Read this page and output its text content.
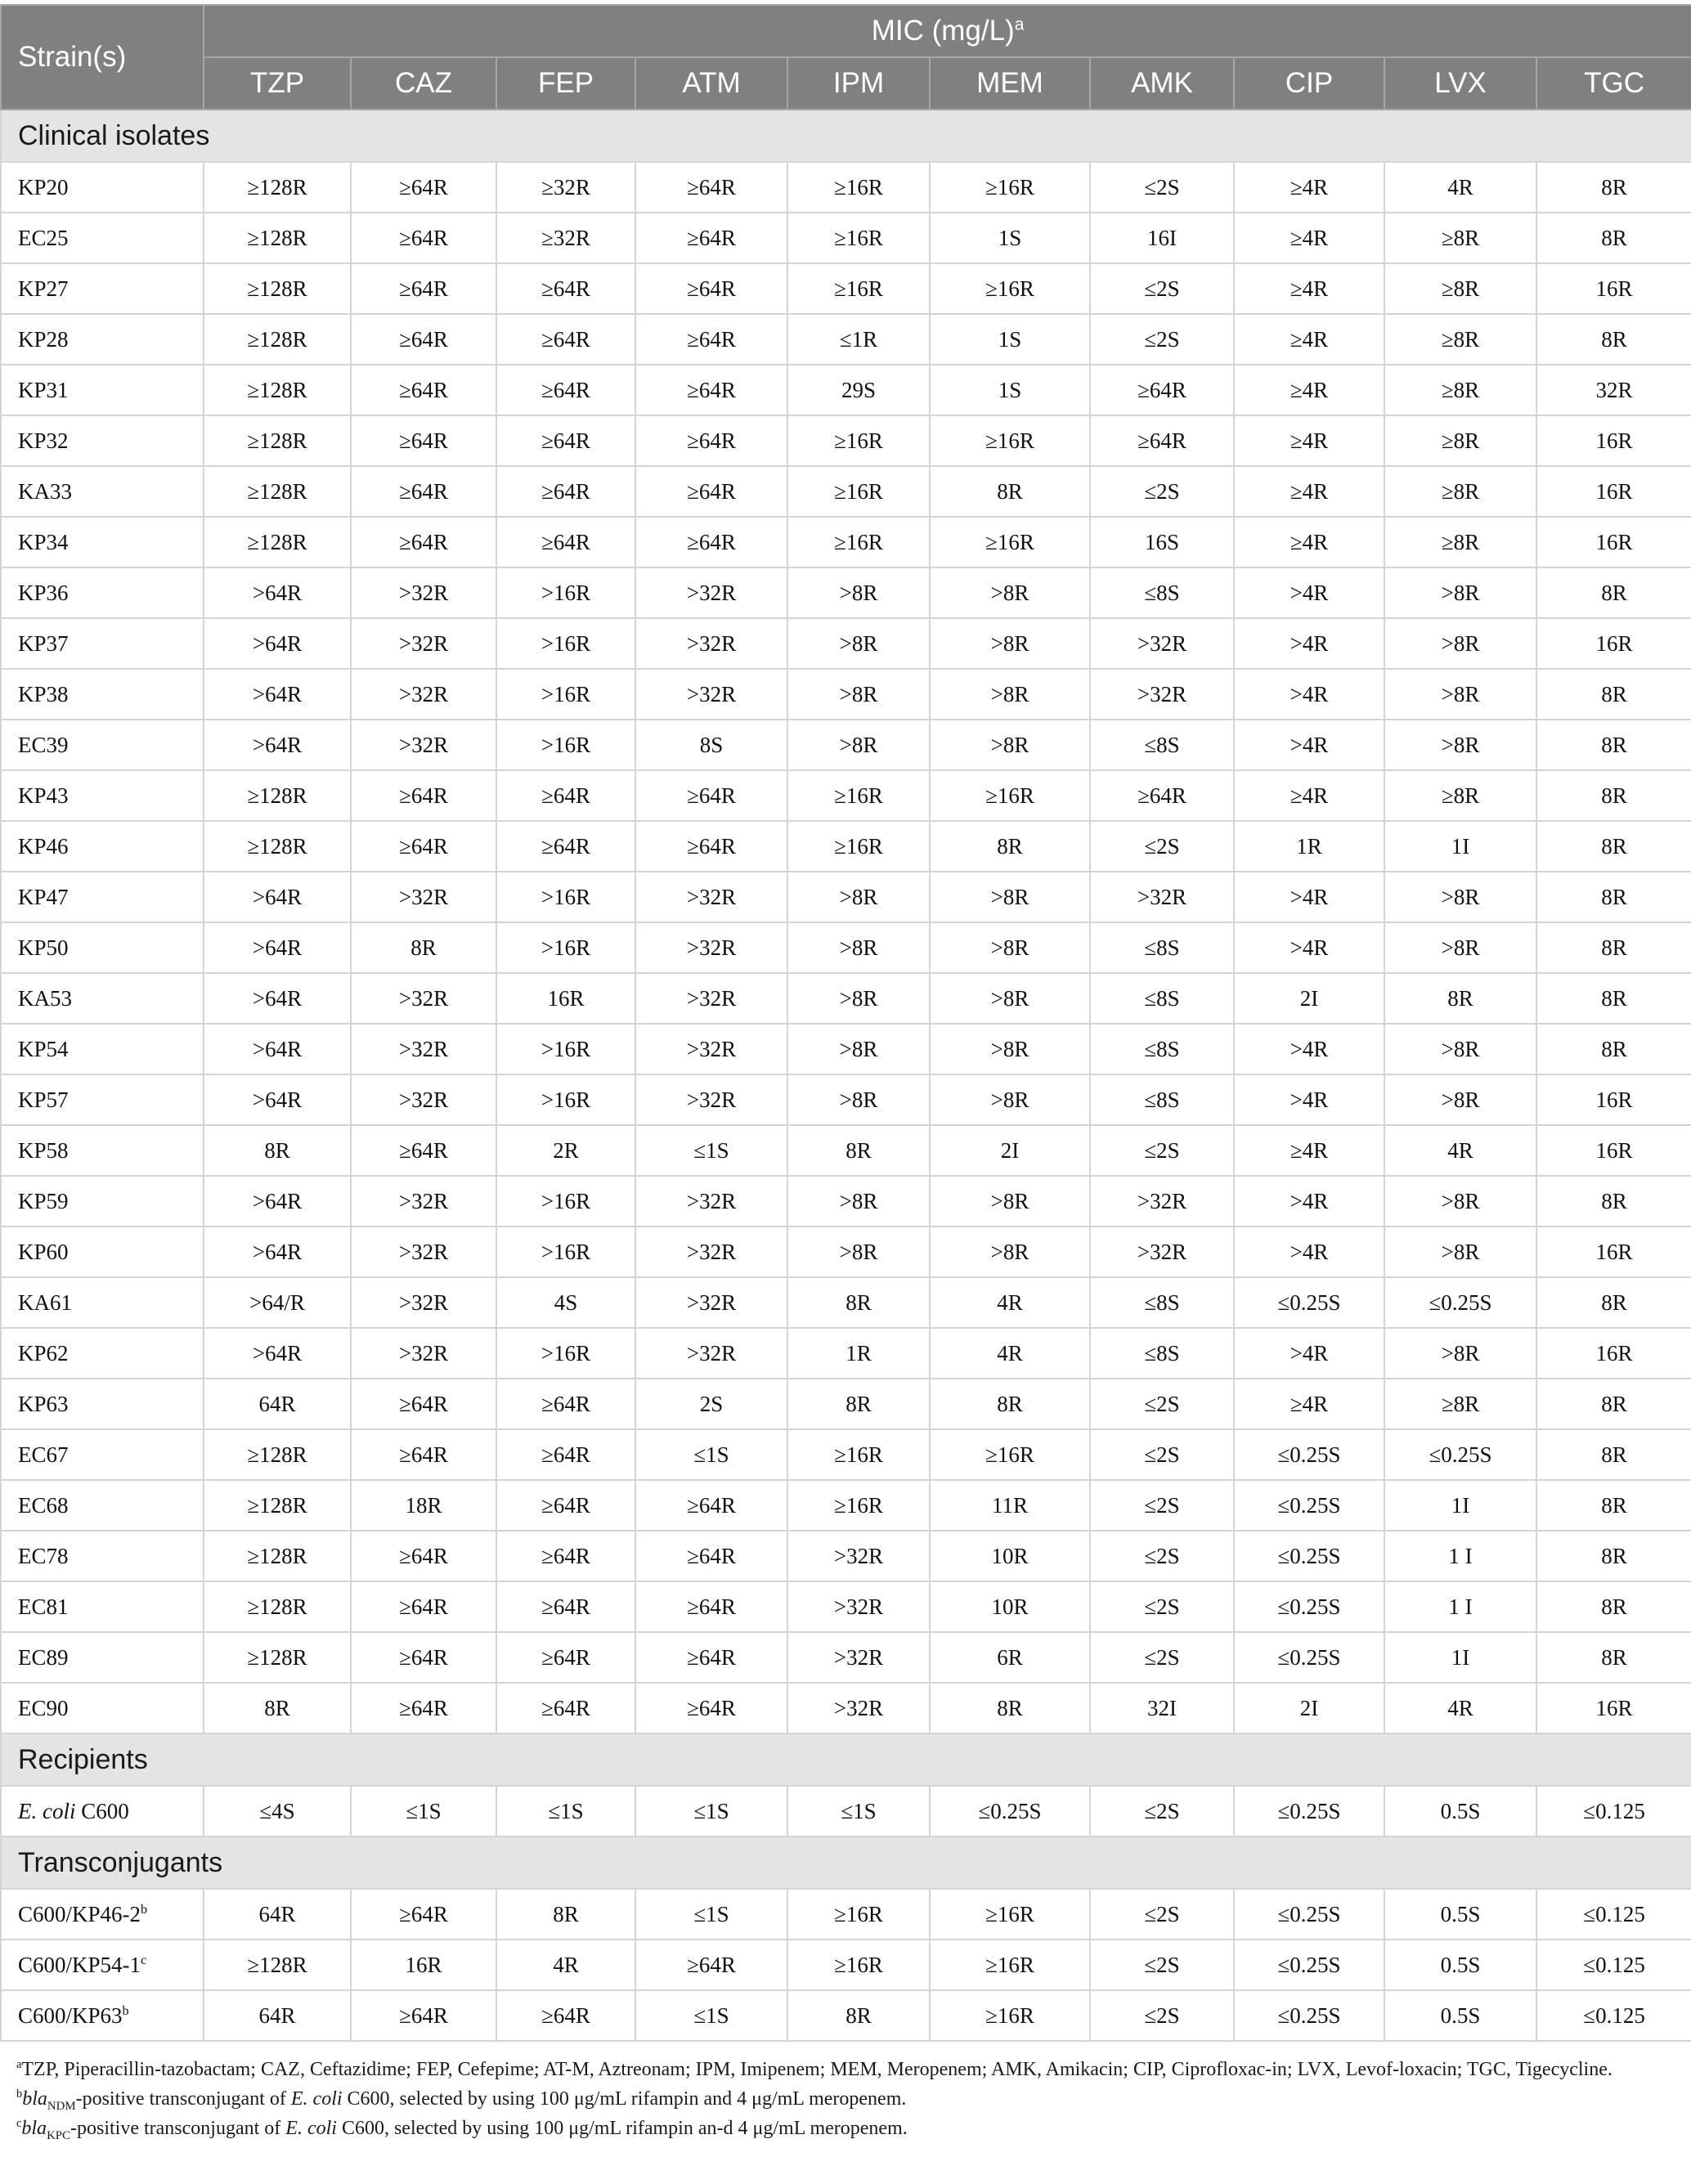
Strain(s)	MIC $(mg/L)^a$
	TZP	CAZ	FEP	ATM	IPM	MEM	AMK	CIP	LVX	TGC
Clinical isolates										
KP20	≥128R	≥64R	≥32R	≥64R	≥16R	≥16R	≤2S	≥4R	4R	8R
EC25	≥128R	≥64R	≥32R	≥64R	≥16R	1S	16I	≥4R	≥8R	8R
KP27	≥128R	≥64R	≥64R	≥64R	≥16R	≥16R	≤2S	≥4R	≥8R	16R
KP28	≥128R	≥64R	≥64R	≥64R	≤1R	1S	≤2S	≥4R	≥8R	8R
KP31	≥128R	≥64R	≥64R	≥64R	29S	1S	≥64R	≥4R	≥8R	32R
KP32	≥128R	≥64R	≥64R	≥64R	≥16R	≥16R	≥64R	≥4R	≥8R	16R
KA33	≥128R	≥64R	≥64R	≥64R	≥16R	8R	≤2S	≥4R	≥8R	16R
KP34	≥128R	≥64R	≥64R	≥64R	≥16R	≥16R	16S	≥4R	≥8R	16R
KP36	>64R	>32R	>16R	>32R	>8R	>8R	≤8S	>4R	>8R	8R
KP37	>64R	>32R	>16R	>32R	>8R	>8R	>32R	>4R	>8R	16R
KP38	>64R	>32R	>16R	>32R	>8R	>8R	>32R	>4R	>8R	8R
EC39	>64R	>32R	>16R	8S	>8R	>8R	≤8S	>4R	>8R	8R
KP43	≥128R	≥64R	≥64R	≥64R	≥16R	≥16R	≥64R	≥4R	≥8R	8R
KP46	≥128R	≥64R	≥64R	≥64R	≥16R	8R	≤2S	1R	1I	8R
KP47	>64R	>32R	>16R	>32R	>8R	>8R	>32R	>4R	>8R	8R
KP50	>64R	8R	>16R	>32R	>8R	>8R	≤8S	>4R	>8R	8R
KA53	>64R	>32R	16R	>32R	>8R	>8R	≤8S	2I	8R	8R
KP54	>64R	>32R	>16R	>32R	>8R	>8R	≤8S	>4R	>8R	8R
KP57	>64R	>32R	>16R	>32R	>8R	>8R	≤8S	>4R	>8R	16R
KP58	8R	≥64R	2R	≤1S	8R	2I	≤2S	≥4R	4R	16R
KP59	>64R	>32R	>16R	>32R	>8R	>8R	>32R	>4R	>8R	8R
KP60	>64R	>32R	>16R	>32R	>8R	>8R	>32R	>4R	>8R	16R
KA61	>64/R	>32R	4S	>32R	8R	4R	≤8S	≤0.25S	≤0.25S	8R
KP62	>64R	>32R	>16R	>32R	1R	4R	≤8S	>4R	>8R	16R
KP63	64R	≥64R	≥64R	2S	8R	8R	≤2S	≥4R	≥8R	8R
EC67	≥128R	≥64R	≥64R	≤1S	≥16R	≥16R	≤2S	≤0.25S	≤0.25S	8R
EC68	≥128R	18R	≥64R	≥64R	≥16R	11R	≤2S	≤0.25S	1I	8R
EC78	≥128R	≥64R	≥64R	≥64R	>32R	10R	≤2S	≤0.25S	1 I	8R
EC81	≥128R	≥64R	≥64R	≥64R	>32R	10R	≤2S	≤0.25S	1 I	8R
EC89	≥128R	≥64R	≥64R	≥64R	>32R	6R	≤2S	≤0.25S	1I	8R
EC90	8R	≥64R	≥64R	≥64R	>32R	8R	32I	2I	4R	16R
Recipients										
E. coli C600	≤4S	≤1S	≤1S	≤1S	≤1S	≤0.25S	≤2S	≤0.25S	0.5S	≤0.125
Transconjugants										
C600/KP46-2$^b$	64R	≥64R	8R	≤1S	≥16R	≥16R	≤2S	≤0.25S	0.5S	≤0.125
$C600/KP54-1^c$	≥128R	16R	4R	≥64R	≥16R	≥16R	≤2S	≤0.25S	0.5S	≤0.125
C600/KP63$^b$	64R	≥64R	≥64R	≤1S	8R	≥16R	≤2S	≤0.25S	0.5S	≤0.125

$^a$TZP, Piperacillin-tazobactam; CAZ, Ceftazidime; FEP, Cefepime; AT-M, Aztreonam; IPM, Imipenem; MEM, Meropenem; AMK, Amikacin; CIP, Ciprofloxac-in; LVX, Levof-loxacin; TGC, Tigecycline.

$^b$bla$_{NDM}$-positive transconjugant of E. coli C600, selected by using 100 μg/mL rifampin and 4 μg/mL meropenem.

$^c$bla$_{KPC}$-positive transconjugant of E. coli C600, selected by using 100 μg/mL rifampin an-d 4 μg/mL meropenem.
